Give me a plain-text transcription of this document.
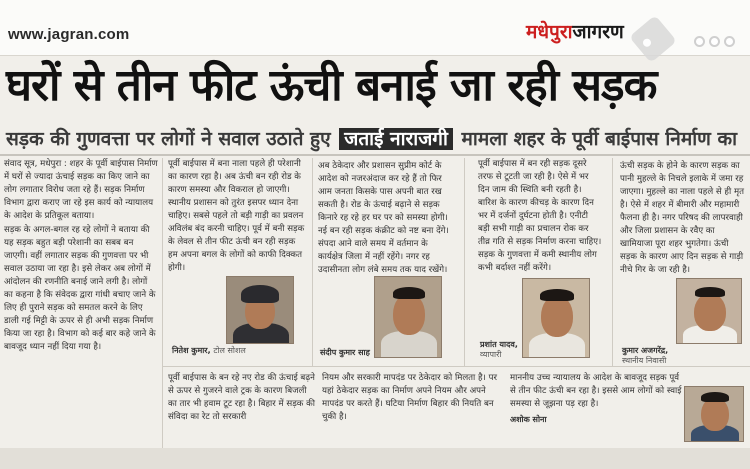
www.jagran.com	मधेपुराजागरण
घरों से तीन फीट ऊंची बनाई जा रही सड़क
सड़क की गुणवत्ता पर लोगों ने सवाल उठाते हुए जताई नाराजगी मामला शहर के पूर्वी बाईपास निर्माण का

संवाद सूत्र, मधेपुरा : शहर के पूर्वी बाईपास निर्माण में घरों से ज्यादा ऊंचाई सड़क का किए जाने का लोग लगातार विरोध जता रहे हैं। सड़क निर्माण विभाग द्वारा कराए जा रहे इस कार्य को न्यायालय के आदेश के प्रतिकूल बताया।

सड़क के अगल-बगल रह रहे लोगों ने बताया की यह सड़क बहुत बड़ी परेशानी का सबब बन जाएगी। वहीं लगातार सड़क की गुणवत्ता पर भी सवाल उठाया जा रहा है। इसे लेकर अब लोगों में आंदोलन की रणनीति बनाई जाने लगी है। लोगों का कहना है कि संवेदक द्वारा गांधी बचाए जाने के लिए ही पुराने सड़क को समतल करने के लिए डाली गई मिट्टी के ऊपर से ही अभी सड़क निर्माण किया जा रहा है। विभाग को कई बार कहे जाने के बावजूद ध्यान नहीं दिया गया है।

पूर्वी बाईपास में बना नाला पहले ही परेशानी का कारण रहा है। अब ऊंची बन रही रोड के कारण समस्या और विकराल हो जाएगी। स्थानीय प्रशासन को तुरंत इसपर ध्यान देना चाहिए। सबसे पहले तो बड़ी गाड़ी का प्रवलन अविलंब बंद करनी चाहिए। पूर्व में बनी सड़क के लेवल से तीन फीट ऊंची बन रही सड़क हम अपना बगल के लोगों को काफी दिक्कत होगी।
अब ठेकेदार और प्रशासन सुप्रीम कोर्ट के आदेश को नजरअंदाज कर रहे हैं तो फिर आम जनता किसके पास अपनी बात रख सकती है। रोड के ऊंचाई बढ़ाने से सड़क किनारे रह रहे हर घर पर को समस्या होगी। नई बन रही सड़क कंक्रीट को नष्ट बना देंगे। संपदा आने वाले समय में वर्तमान के कार्यक्षेत्र जिला में नहीं रहेंगे। नगर रह उदासीनता लोग लंबे समय तक याद रखेंगे।
पूर्वी बाईपास में बन रही सड़क दूसरे तरफ से टूटती जा रही है। ऐसे में भर दिन जाम की स्थिति बनी रहती है। बारिश के कारण कीचड़ के कारण दिन भर में दर्जनों दुर्घटना होती है। एनीटी बड़ी सभी गाड़ी का प्रचालन रोक कर तीव्र गति से सड़क निर्माण करना चाहिए। सड़क के गुणवत्ता में कमी स्थानीय लोग कभी बर्दाश्त नहीं करेंगे।
ऊंची सड़क के होने के कारण सड़क का पानी मुहल्ले के निचले इलाके में जमा रह जाएगा। मुहल्ले का नाला पहले से ही मृत है। ऐसे में शहर में बीमारी और महामारी फैलना ही है। नगर परिषद की लापरवाही और जिला प्रशासन के रवैए का खामियाजा पूरा शहर भुगतेगा। ऊंची सड़क के कारण आए दिन सड़क से गाड़ी नीचे गिर के जा रही है।
नितेश कुमार, टोल सोशल	संदीप कुमार साह
प्रशांत यादव,
व्यापारी	कुमार अजगरेंद्र,
स्थानीय निवासी
पूर्वी बाईपास के बन रहे नए रोड की ऊंचाई बढ़ने से ऊपर से गुजरने वाले ट्रक के कारण बिजली का तार भी हवाम टूट रहा है। बिहार में सड़क की संविदा का रेट तो सरकारी
नियम और सरकारी मापदंड पर ठेकेदार को मिलता है। पर यहां ठेकेदार सड़क का निर्माण अपने नियम और अपने मापदंड पर करते हैं। घटिया निर्माण बिहार की नियति बन चुकी है।
माननीय उच्च न्यायालय के आदेश के बावजूद सड़क पूर्व से तीन फीट ऊंची बन रहा है। इससे आम लोगों को स्वाई समस्या से जूझना पड़ रहा है।
अशोक सोना
